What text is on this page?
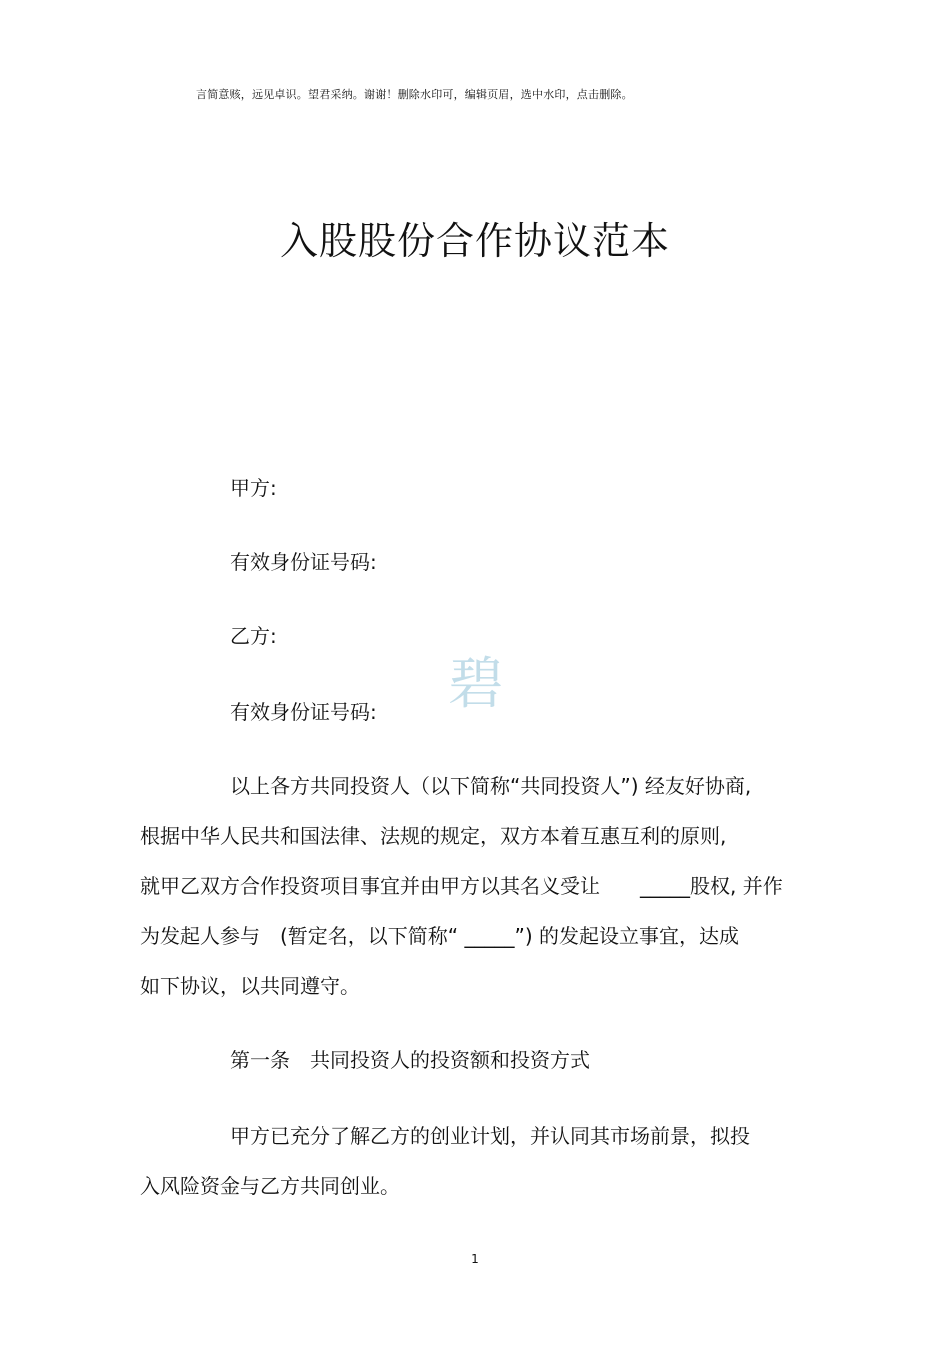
言简意赅，远见卓识。望君采纳。谢谢！删除水印可，编辑页眉，选中水印，点击删除。
入股股份合作协议范本
甲方:
有效身份证号码:
乙方:
有效身份证号码: 碧
以上各方共同投资人（以下简称“共同投资人”) 经友好协商,
根据中华人民共和国法律、法规的规定，双方本着互惠互利的原则,
就甲乙双方合作投资项目事宜并由甲方以其名义受让　　_____股权, 并作
为发起人参与　(暂定名，以下简称“ _____”) 的发起设立事宜，达成
如下协议，以共同遵守。
第一条　共同投资人的投资额和投资方式
甲方已充分了解乙方的创业计划，并认同其市场前景，拟投
入风险资金与乙方共同创业。
1
